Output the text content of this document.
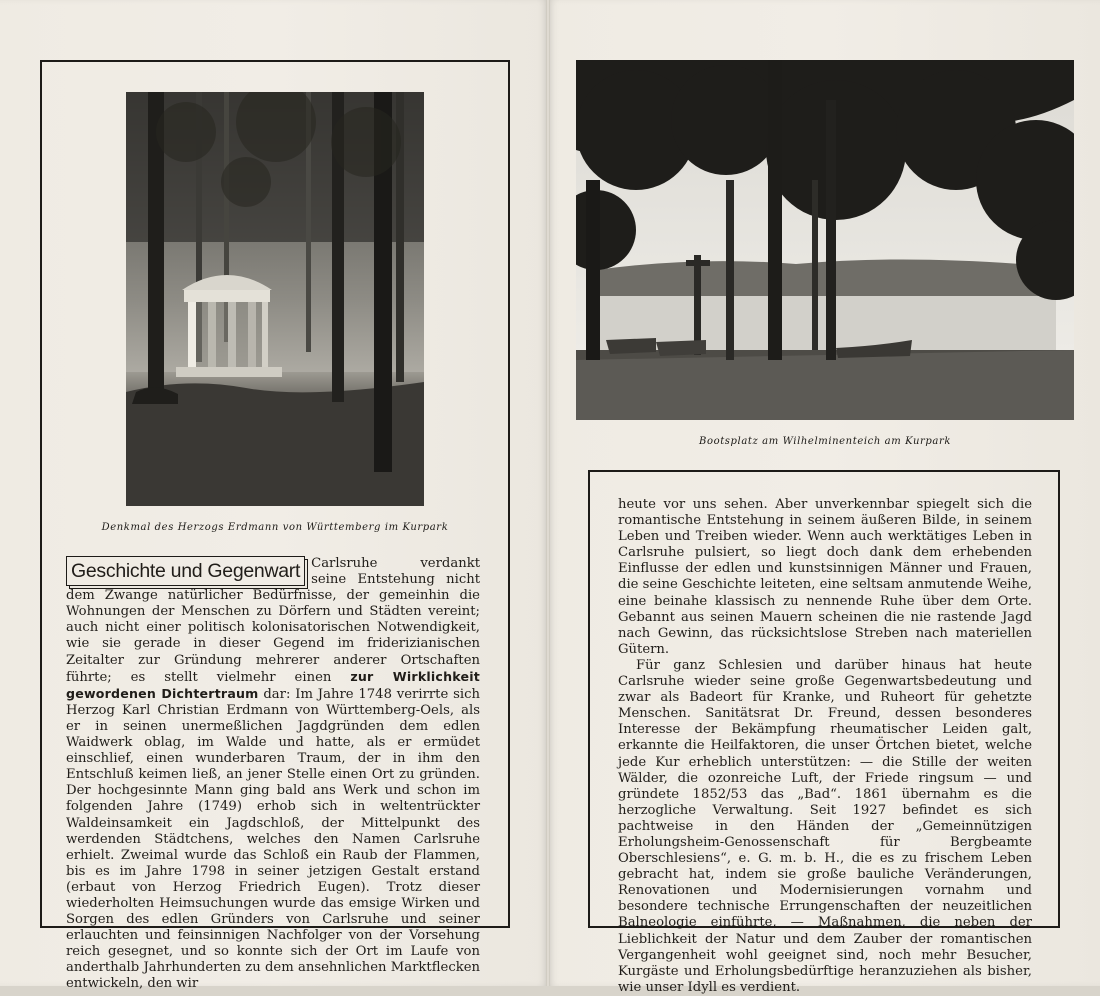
Denkmal des Herzogs Erdmann von Württemberg im Kurpark
Bootsplatz am Wilhelminenteich am Kurpark

Geschichte und Gegenwart Carlsruhe verdankt seine Entstehung nicht dem Zwange natürlicher Bedürfnisse, der gemeinhin die Wohnungen der Menschen zu Dörfern und Städten vereint; auch nicht einer politisch kolonisatorischen Notwendigkeit, wie sie gerade in dieser Gegend im friderizianischen Zeitalter zur Gründung mehrerer anderer Ortschaften führte; es stellt vielmehr einen zur Wirklichkeit gewordenen Dichtertraum dar: Im Jahre 1748 verirrte sich Herzog Karl Christian Erdmann von Württemberg-Oels, als er in seinen unermeßlichen Jagdgründen dem edlen Waidwerk oblag, im Walde und hatte, als er ermüdet einschlief, einen wunderbaren Traum, der in ihm den Entschluß keimen ließ, an jener Stelle einen Ort zu gründen. Der hochgesinnte Mann ging bald ans Werk und schon im folgenden Jahre (1749) erhob sich in weltentrückter Waldeinsamkeit ein Jagdschloß, der Mittelpunkt des werdenden Städtchens, welches den Namen Carlsruhe erhielt. Zweimal wurde das Schloß ein Raub der Flammen, bis es im Jahre 1798 in seiner jetzigen Gestalt erstand (erbaut von Herzog Friedrich Eugen). Trotz dieser wiederholten Heimsuchungen wurde das emsige Wirken und Sorgen des edlen Gründers von Carlsruhe und seiner erlauchten und feinsinnigen Nachfolger von der Vorsehung reich gesegnet, und so konnte sich der Ort im Laufe von anderthalb Jahrhunderten zu dem ansehnlichen Marktflecken entwickeln, den wir

heute vor uns sehen. Aber unverkennbar spiegelt sich die romantische Entstehung in seinem äußeren Bilde, in seinem Leben und Treiben wieder. Wenn auch werktätiges Leben in Carlsruhe pulsiert, so liegt doch dank dem erhebenden Einflusse der edlen und kunstsinnigen Männer und Frauen, die seine Geschichte leiteten, eine seltsam anmutende Weihe, eine beinahe klassisch zu nennende Ruhe über dem Orte. Gebannt aus seinen Mauern scheinen die nie rastende Jagd nach Gewinn, das rücksichtslose Streben nach materiellen Gütern.

Für ganz Schlesien und darüber hinaus hat heute Carlsruhe wieder seine große Gegenwartsbedeutung und zwar als Badeort für Kranke, und Ruheort für gehetzte Menschen. Sanitätsrat Dr. Freund, dessen besonderes Interesse der Bekämpfung rheumatischer Leiden galt, erkannte die Heilfaktoren, die unser Örtchen bietet, welche jede Kur erheblich unterstützen: — die Stille der weiten Wälder, die ozonreiche Luft, der Friede ringsum — und gründete 1852/53 das „Bad“. 1861 übernahm es die herzogliche Verwaltung. Seit 1927 befindet es sich pachtweise in den Händen der „Gemeinnützigen Erholungsheim-Genossenschaft für Bergbeamte Oberschlesiens“, e. G. m. b. H., die es zu frischem Leben gebracht hat, indem sie große bauliche Veränderungen, Renovationen und Modernisierungen vornahm und besondere technische Errungenschaften der neuzeitlichen Balneologie einführte, — Maßnahmen, die neben der Lieblichkeit der Natur und dem Zauber der romantischen Vergangenheit wohl geeignet sind, noch mehr Besucher, Kurgäste und Erholungsbedürftige heranzuziehen als bisher, wie unser Idyll es verdient.
